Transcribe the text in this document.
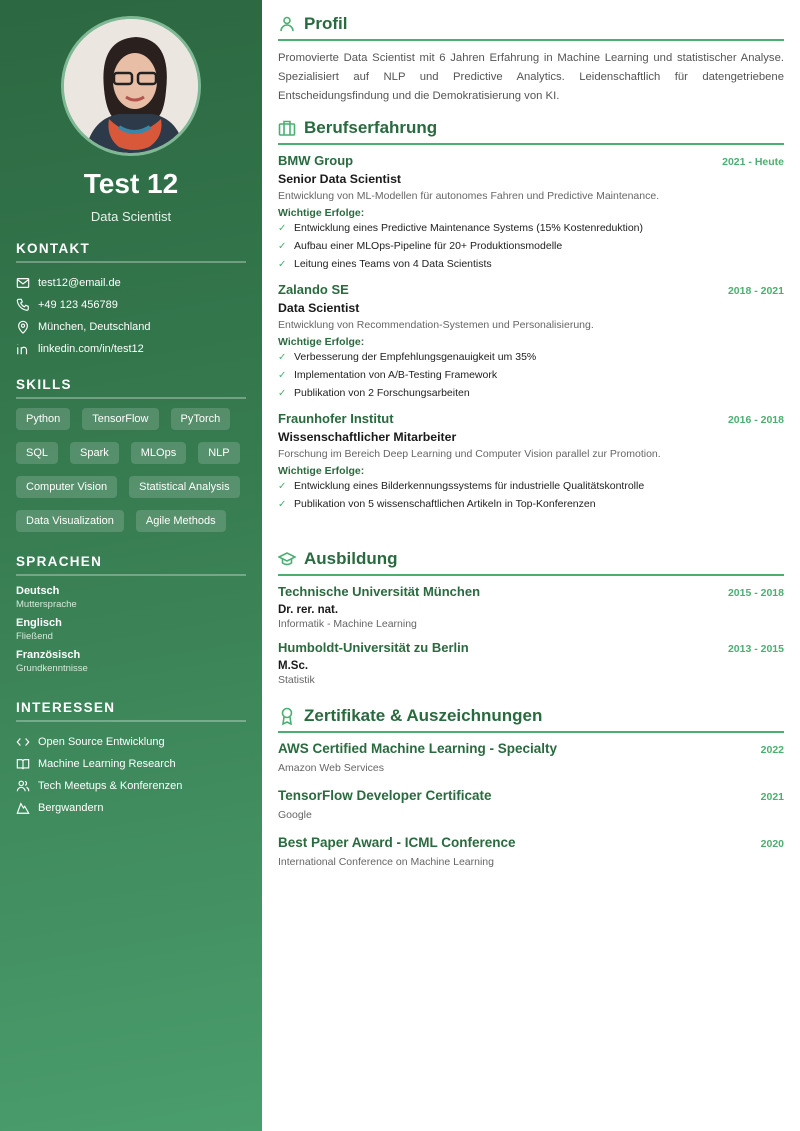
Test 12
Data Scientist
KONTAKT
test12@email.de
+49 123 456789
München, Deutschland
linkedin.com/in/test12
SKILLS
Python	TensorFlow	PyTorch
SQL	Spark	MLOps	NLP
Computer Vision	Statistical Analysis
Data Visualization	Agile Methods
SPRACHEN
Deutsch
Muttersprache
Englisch
Fließend
Französisch
Grundkenntnisse
INTERESSEN
Open Source Entwicklung
Machine Learning Research
Tech Meetups & Konferenzen
Bergwandern
Profil

Promovierte Data Scientist mit 6 Jahren Erfahrung in Machine Learning und statistischer Analyse. Spezialisiert auf NLP und Predictive Analytics. Leidenschaftlich für datengetriebene Entscheidungsfindung und die Demokratisierung von KI.

Berufserfahrung
BMW Group	2021 - Heute
Senior Data Scientist
Entwicklung von ML-Modellen für autonomes Fahren und Predictive Maintenance.
Wichtige Erfolge:
✓ Entwicklung eines Predictive Maintenance Systems (15% Kostenreduktion)
✓ Aufbau einer MLOps-Pipeline für 20+ Produktionsmodelle
✓ Leitung eines Teams von 4 Data Scientists
Zalando SE	2018 - 2021
Data Scientist
Entwicklung von Recommendation-Systemen und Personalisierung.
Wichtige Erfolge:
✓ Verbesserung der Empfehlungsgenauigkeit um 35%
✓ Implementation von A/B-Testing Framework
✓ Publikation von 2 Forschungsarbeiten
Fraunhofer Institut	2016 - 2018
Wissenschaftlicher Mitarbeiter
Forschung im Bereich Deep Learning und Computer Vision parallel zur Promotion.
Wichtige Erfolge:
✓ Entwicklung eines Bilderkennungssystems für industrielle Qualitätskontrolle
✓ Publikation von 5 wissenschaftlichen Artikeln in Top-Konferenzen
Ausbildung
Technische Universität München	2015 - 2018
Dr. rer. nat.
Informatik - Machine Learning
Humboldt-Universität zu Berlin	2013 - 2015
M.Sc.
Statistik
Zertifikate & Auszeichnungen
AWS Certified Machine Learning - Specialty	2022
Amazon Web Services
TensorFlow Developer Certificate	2021
Google
Best Paper Award - ICML Conference	2020
International Conference on Machine Learning
